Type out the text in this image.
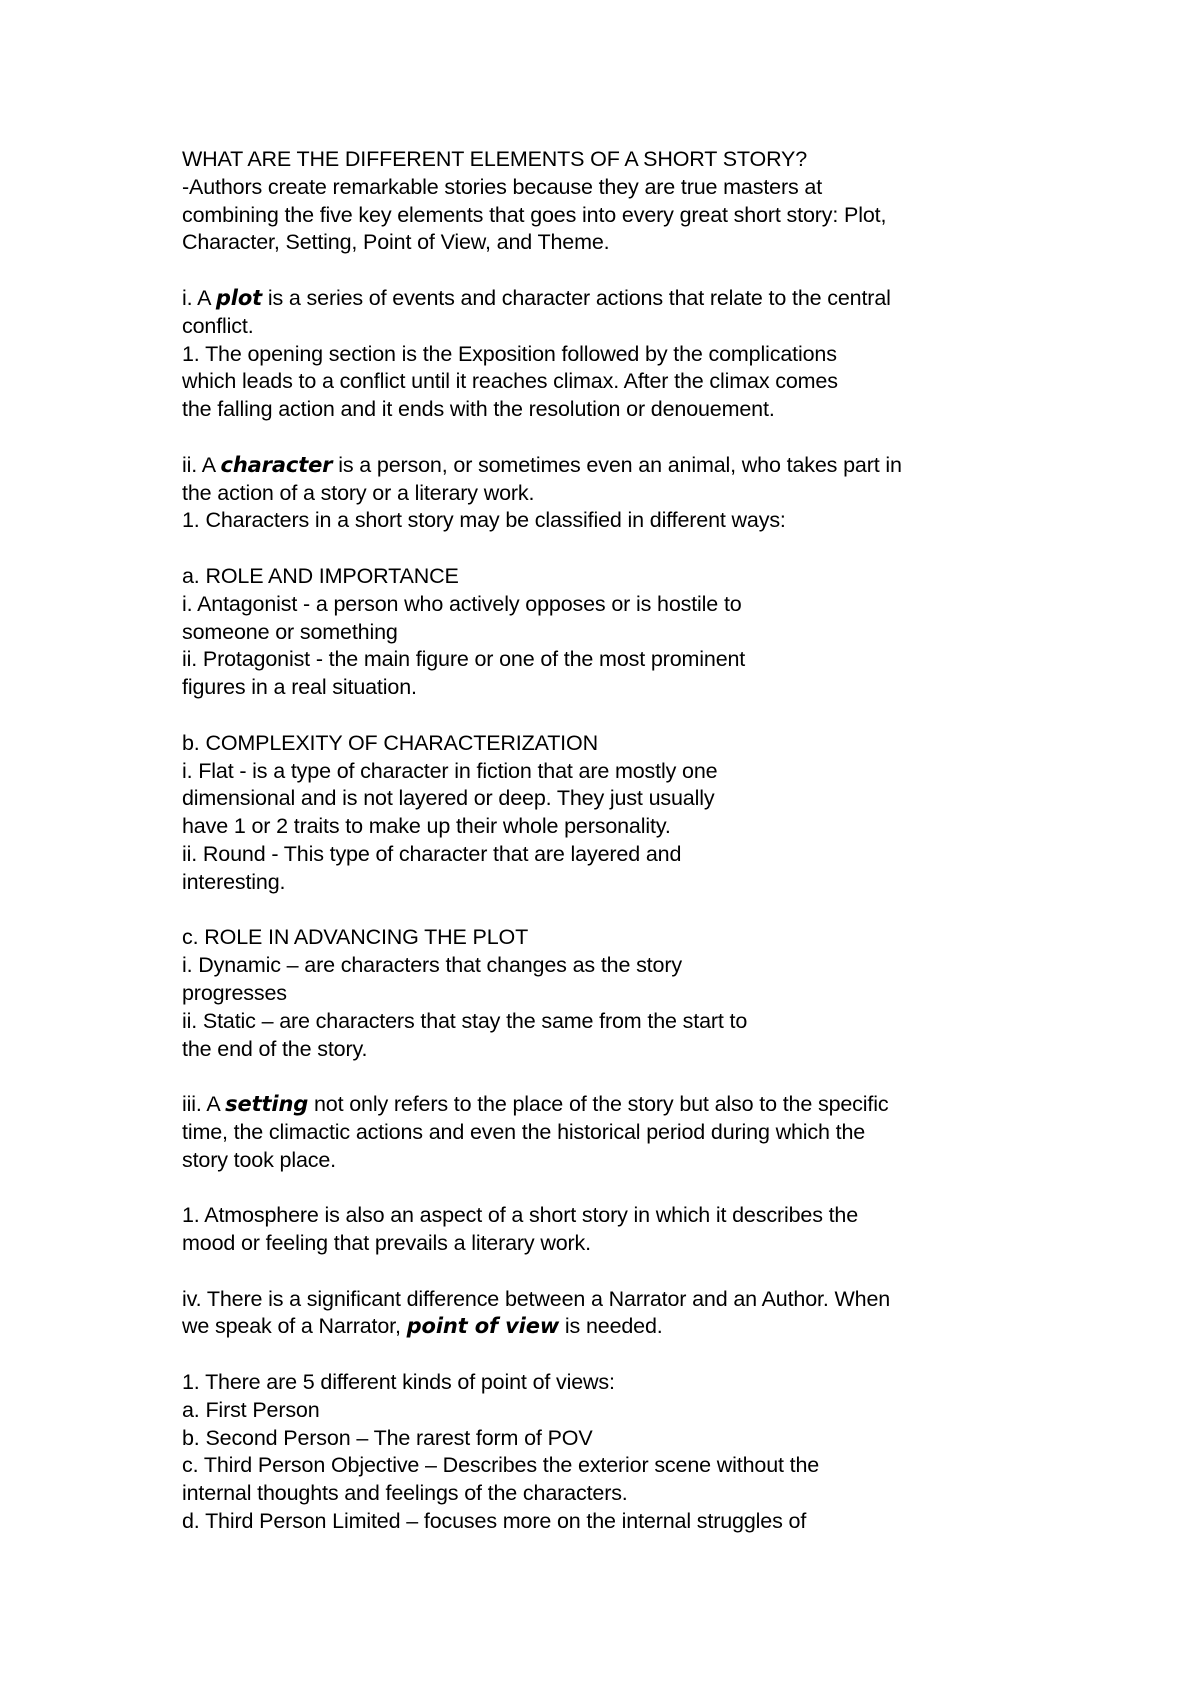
WHAT ARE THE DIFFERENT ELEMENTS OF A SHORT STORY?
-Authors create remarkable stories because they are true masters at
combining the five key elements that goes into every great short story: Plot,
Character, Setting, Point of View, and Theme.
i. A plot is a series of events and character actions that relate to the central
conflict.
1. The opening section is the Exposition followed by the complications
which leads to a conflict until it reaches climax. After the climax comes
the falling action and it ends with the resolution or denouement.
ii. A character is a person, or sometimes even an animal, who takes part in
the action of a story or a literary work.
1. Characters in a short story may be classified in different ways:
a. ROLE AND IMPORTANCE
i. Antagonist - a person who actively opposes or is hostile to
someone or something
ii. Protagonist - the main figure or one of the most prominent
figures in a real situation.
b. COMPLEXITY OF CHARACTERIZATION
i. Flat - is a type of character in fiction that are mostly one
dimensional and is not layered or deep. They just usually
have 1 or 2 traits to make up their whole personality.
ii. Round - This type of character that are layered and
interesting.
c. ROLE IN ADVANCING THE PLOT
i. Dynamic – are characters that changes as the story
progresses
ii. Static – are characters that stay the same from the start to
the end of the story.
iii. A setting not only refers to the place of the story but also to the specific
time, the climactic actions and even the historical period during which the
story took place.
1. Atmosphere is also an aspect of a short story in which it describes the
mood or feeling that prevails a literary work.
iv. There is a significant difference between a Narrator and an Author. When
we speak of a Narrator, point of view is needed.
1. There are 5 different kinds of point of views:
a. First Person
b. Second Person – The rarest form of POV
c. Third Person Objective – Describes the exterior scene without the
internal thoughts and feelings of the characters.
d. Third Person Limited – focuses more on the internal struggles of
